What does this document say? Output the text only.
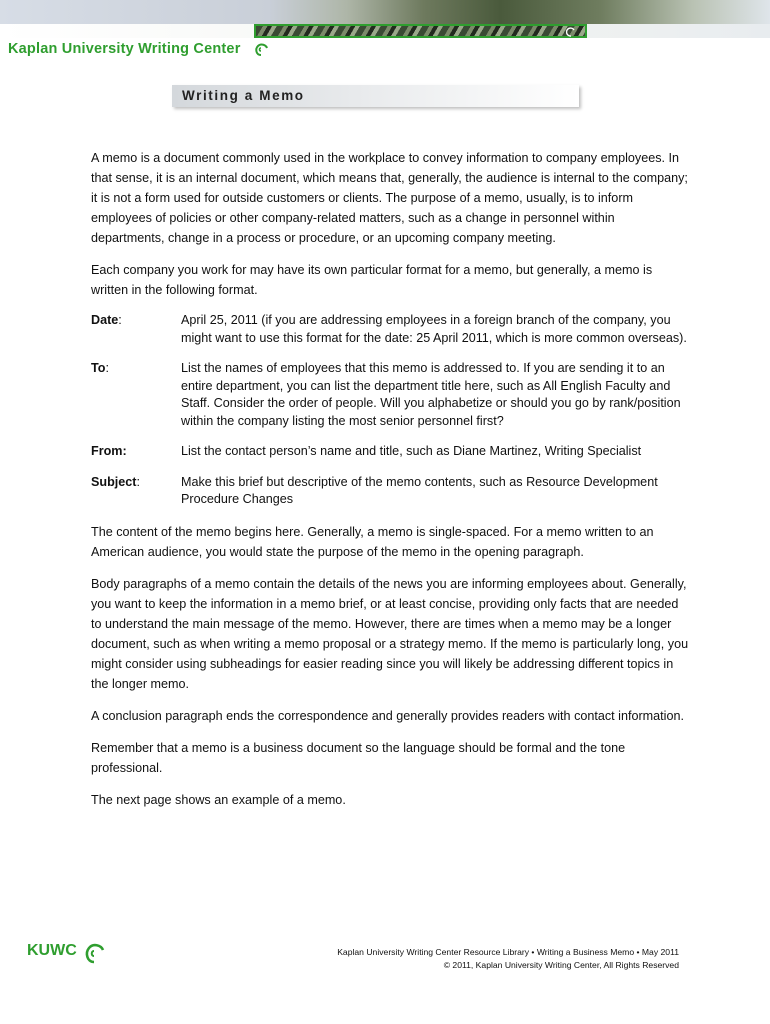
Kaplan University Writing Center
Writing a Memo

A memo is a document commonly used in the workplace to convey information to company employees. In that sense, it is an internal document, which means that, generally, the audience is internal to the company; it is not a form used for outside customers or clients. The purpose of a memo, usually, is to inform employees of policies or other company-related matters, such as a change in personnel within departments, change in a process or procedure, or an upcoming company meeting.

Each company you work for may have its own particular format for a memo, but generally, a memo is written in the following format.

Date:	April 25, 2011 (if you are addressing employees in a foreign branch of the company, you might want to use this format for the date: 25 April 2011, which is more common overseas).
To:	List the names of employees that this memo is addressed to. If you are sending it to an entire department, you can list the department title here, such as All English Faculty and Staff. Consider the order of people. Will you alphabetize or should you go by rank/position within the company listing the most senior personnel first?
From:	List the contact person’s name and title, such as Diane Martinez, Writing Specialist
Subject:	Make this brief but descriptive of the memo contents, such as Resource Development Procedure Changes

The content of the memo begins here. Generally, a memo is single-spaced. For a memo written to an American audience, you would state the purpose of the memo in the opening paragraph.

Body paragraphs of a memo contain the details of the news you are informing employees about. Generally, you want to keep the information in a memo brief, or at least concise, providing only facts that are needed to understand the main message of the memo. However, there are times when a memo may be a longer document, such as when writing a memo proposal or a strategy memo. If the memo is particularly long, you might consider using subheadings for easier reading since you will likely be addressing different topics in the longer memo.

A conclusion paragraph ends the correspondence and generally provides readers with contact information.

Remember that a memo is a business document so the language should be formal and the tone professional.

The next page shows an example of a memo.

KUWC	Kaplan University Writing Center Resource Library • Writing a Business Memo • May 2011
© 2011, Kaplan University Writing Center, All Rights Reserved
